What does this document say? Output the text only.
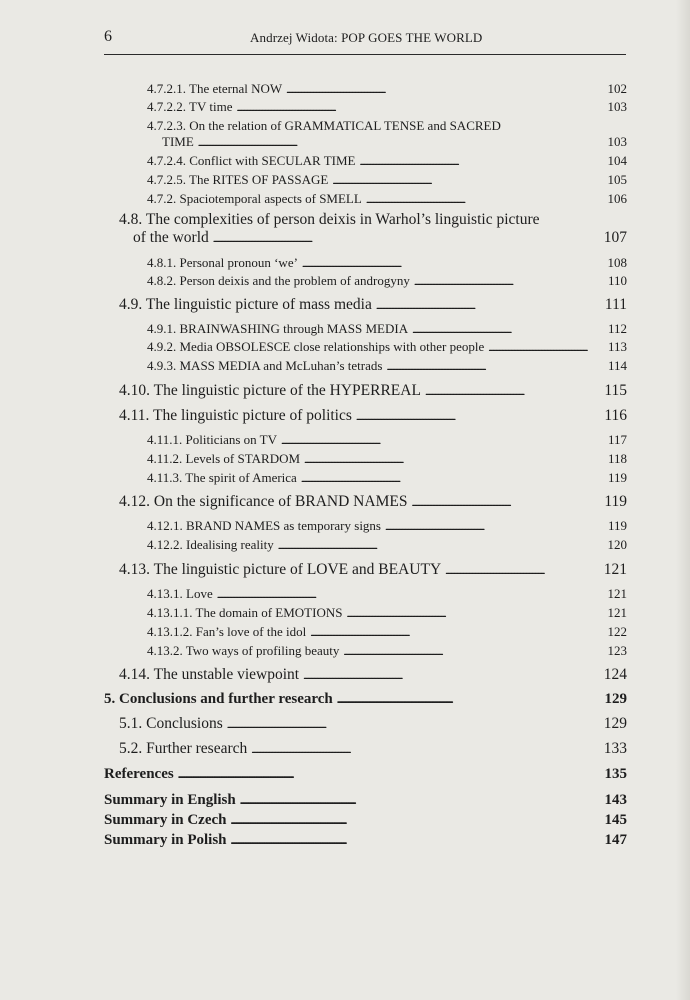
6	Andrzej Widota: POP GOES THE WORLD
4.7.2.1. The eternal NOW . . .	102
4.7.2.2. TV time . . .	103
4.7.2.3. On the relation of GRAMMATICAL TENSE and SACRED
TIME . . .	103
4.7.2.4. Conflict with SECULAR TIME . . .	104
4.7.2.5. The RITES OF PASSAGE . . .	105
4.7.2. Spaciotemporal aspects of SMELL . . .	106
4.8. The complexities of person deixis in Warhol’s linguistic picture
of the world . . .	107
4.8.1. Personal pronoun ‘we’ . . .	108
4.8.2. Person deixis and the problem of androgyny . . .	110
4.9. The linguistic picture of mass media . . .	111
4.9.1. BRAINWASHING through MASS MEDIA . . .	112
4.9.2. Media OBSOLESCE close relationships with other people . . .	113
4.9.3. MASS MEDIA and McLuhan’s tetrads . . .	114
4.10. The linguistic picture of the HYPERREAL . . .	115
4.11. The linguistic picture of politics . . .	116
4.11.1. Politicians on TV . . .	117
4.11.2. Levels of STARDOM . . .	118
4.11.3. The spirit of America . . .	119
4.12. On the significance of BRAND NAMES . . .	119
4.12.1. BRAND NAMES as temporary signs . . .	119
4.12.2. Idealising reality . . .	120
4.13. The linguistic picture of LOVE and BEAUTY . . .	121
4.13.1. Love . . .	121
4.13.1.1. The domain of EMOTIONS . . .	121
4.13.1.2. Fan’s love of the idol . . .	122
4.13.2. Two ways of profiling beauty . . .	123
4.14. The unstable viewpoint . . .	124
5. Conclusions and further research . . .	129
5.1. Conclusions . . .	129
5.2. Further research . . .	133
References . . .	135
Summary in English . . .	143
Summary in Czech . . .	145
Summary in Polish . . .	147
